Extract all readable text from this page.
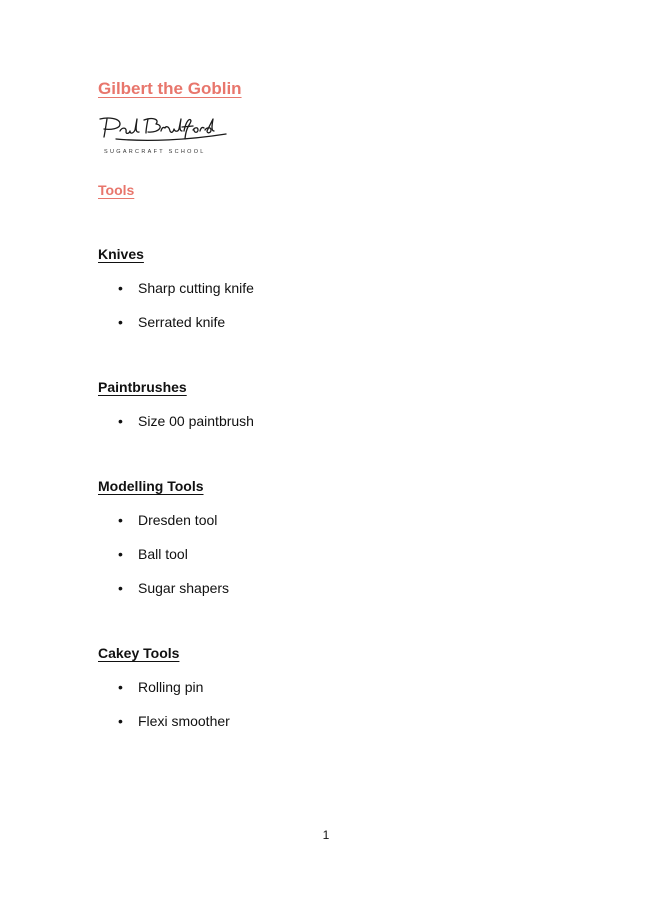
Gilbert the Goblin
SUGARCRAFT SCHOOL
Tools
Knives
• Sharp cutting knife
• Serrated knife
Paintbrushes
• Size 00 paintbrush
Modelling Tools
• Dresden tool
• Ball tool
• Sugar shapers
Cakey Tools
• Rolling pin
• Flexi smoother
1
